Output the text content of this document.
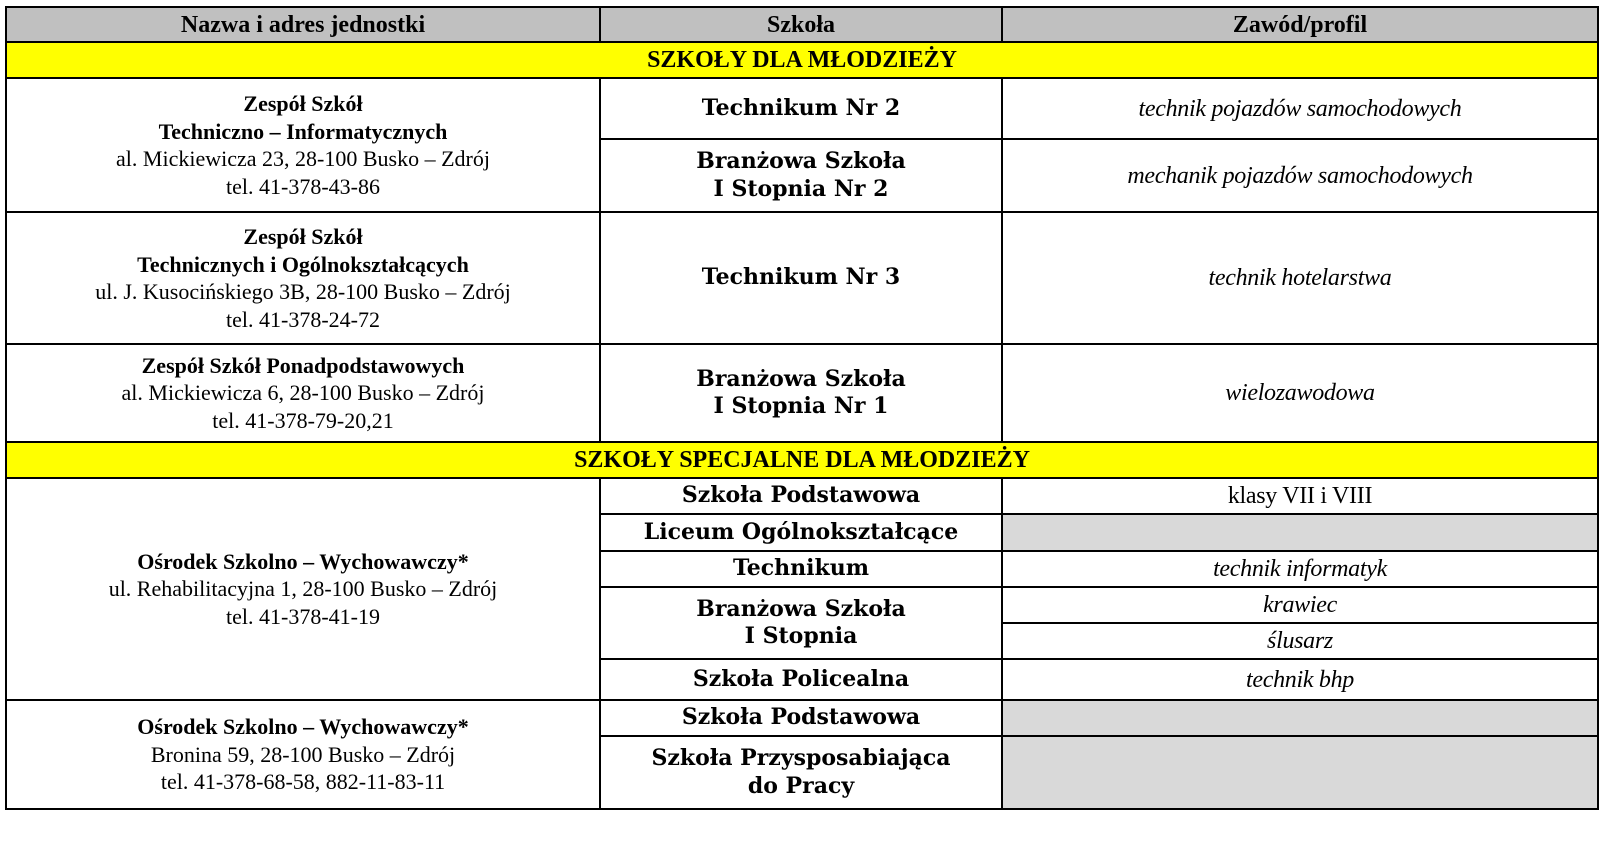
Nazwa i adres jednostki	Szkoła	Zawód/profil
SZKOŁY DLA MŁODZIEŻY		

Zespół Szkół
Techniczno – Informatycznych
al. Mickiewicza 23, 28-100 Busko – Zdrój
tel. 41-378-43-86	Technikum Nr 2	technik pojazdów samochodowych

	Branżowa Szkoła
I Stopnia Nr 2	mechanik pojazdów samochodowych

Zespół Szkół
Technicznych i Ogólnokształcących
ul. J. Kusocińskiego 3B, 28-100 Busko – Zdrój
tel. 41-378-24-72	Technikum Nr 3	technik hotelarstwa

Zespół Szkół Ponadpodstawowych
al. Mickiewicza 6, 28-100 Busko – Zdrój
tel. 41-378-79-20,21	Branżowa Szkoła
I Stopnia Nr 1	wielozawodowa
SZKOŁY SPECJALNE DLA MŁODZIEŻY		

Ośrodek Szkolno – Wychowawczy*
ul. Rehabilitacyjna 1, 28-100 Busko – Zdrój
tel. 41-378-41-19	Szkoła Podstawowa	klasy VII i VIII

	Liceum Ogólnokształcące	

	Technikum	technik informatyk

	Branżowa Szkoła
I Stopnia	krawiec
		ślusarz

	Szkoła Policealna	technik bhp

Ośrodek Szkolno – Wychowawczy*
Bronina 59, 28-100 Busko – Zdrój
tel. 41-378-68-58, 882-11-83-11	Szkoła Podstawowa	

	Szkoła Przysposabiająca
do Pracy	
